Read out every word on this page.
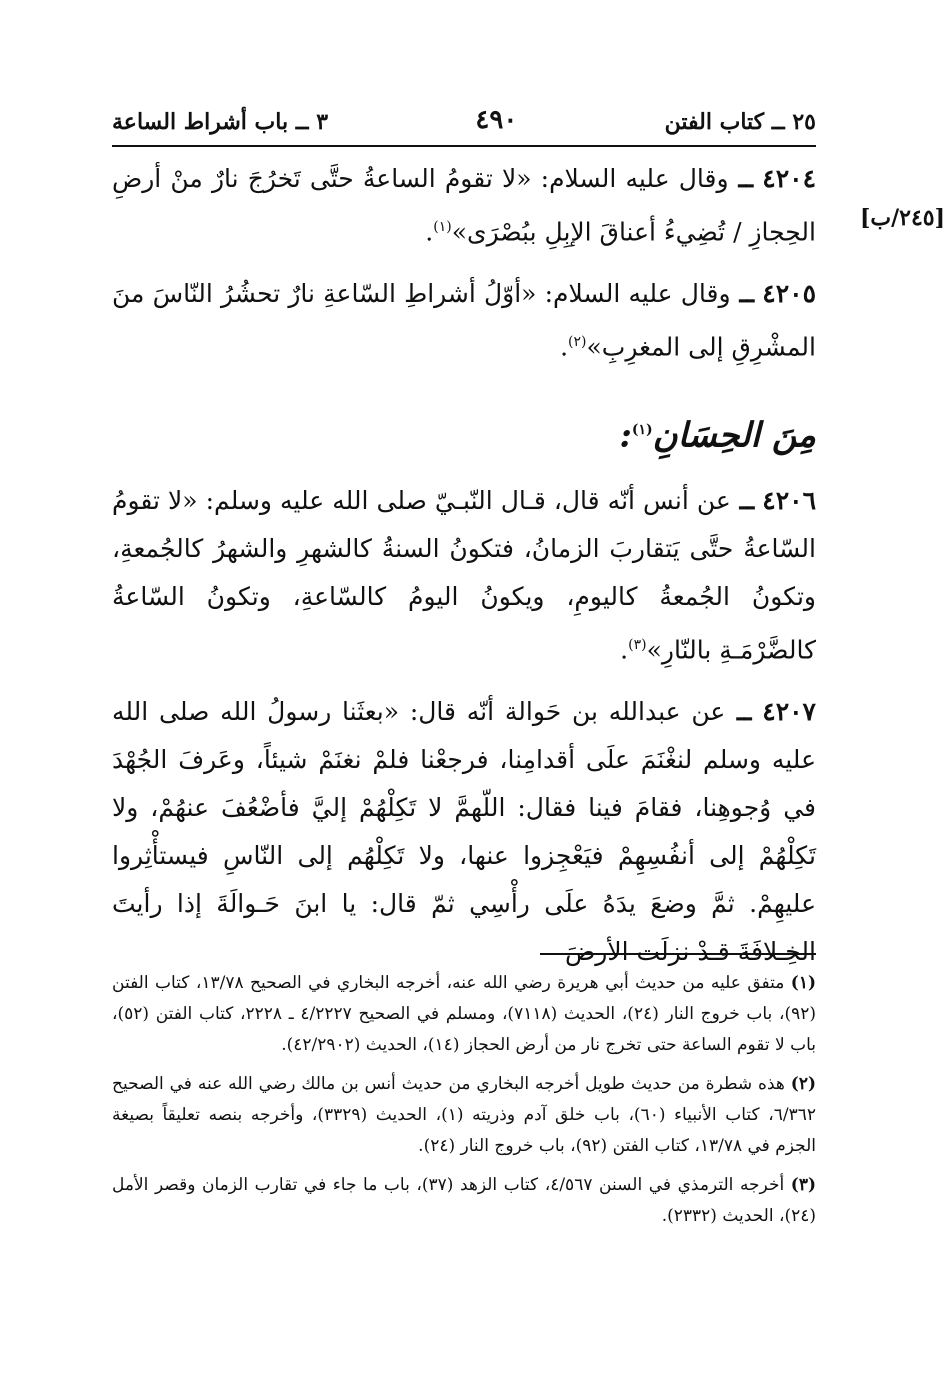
٢٥ ــ كتاب الفتن
٤٩٠
٣ ــ باب أشراط الساعة
[٢٤٥/ب]

٤٢٠٤ ــ وقال عليه السلام: «لا تقومُ الساعةُ حتَّى تَخرُجَ نارٌ منْ أرضِ الحِجازِ / تُضِيءُ أعناقَ الإبِلِ ببُصْرَى»$^{(١)}$.

٤٢٠٥ ــ وقال عليه السلام: «أوّلُ أشراطِ السّاعةِ نارٌ تحشُرُ النّاسَ منَ المشْرِقِ إلى المغرِبِ»$^{(٢)}$.

مِنَ الحِسَانِ$^{(١)}$:

٤٢٠٦ ــ عن أنس أنّه قال، قـال النّبـيّ صلى الله عليه وسلم: «لا تقومُ السّاعةُ حتَّى يَتقاربَ الزمانُ، فتكونُ السنةُ كالشهرِ والشهرُ كالجُمعةِ، وتكونُ الجُمعةُ كاليومِ، ويكونُ اليومُ كالسّاعةِ، وتكونُ السّاعةُ كالضَّرْمَـةِ بالنّارِ»$^{(٣)}$.

٤٢٠٧ ــ عن عبدالله بن حَوالة أنّه قال: «بعثَنا رسولُ الله صلى الله عليه وسلم لنغْنَمَ علَى أقدامِنا، فرجعْنا فلمْ نغنَمْ شيئاً، وعَرفَ الجُهْدَ في وُجوهِنا، فقامَ فينا فقال: اللّهمَّ لا تَكِلْهُمْ إليَّ فأضْعُفَ عنهُمْ، ولا تَكِلْهُمْ إلى أنفُسِهِمْ فيَعْجِزوا عنها، ولا تَكِلْهُم إلى النّاسِ فيستأْثِروا عليهِمْ. ثمَّ وضعَ يدَهُ علَى رأْسِي ثمّ قال: يا ابنَ حَـوالَةَ إذا رأيتَ الخِـلافَةَ قـدْ نزلَت الأرضَ

(١) متفق عليه من حديث أبي هريرة رضي الله عنه، أخرجه البخاري في الصحيح ١٣/٧٨، كتاب الفتن (٩٢)، باب خروج النار (٢٤)، الحديث (٧١١٨)، ومسلم في الصحيح ٤/٢٢٢٧ ـ ٢٢٢٨، كتاب الفتن (٥٢)، باب لا تقوم الساعة حتى تخرج نار من أرض الحجاز (١٤)، الحديث (٤٢/٢٩٠٢).

(٢) هذه شطرة من حديث طويل أخرجه البخاري من حديث أنس بن مالك رضي الله عنه في الصحيح ٦/٣٦٢، كتاب الأنبياء (٦٠)، باب خلق آدم وذريته (١)، الحديث (٣٣٢٩)، وأخرجه بنصه تعليقاً بصيغة الجزم في ١٣/٧٨، كتاب الفتن (٩٢)، باب خروج النار (٢٤).

(٣) أخرجه الترمذي في السنن ٤/٥٦٧، كتاب الزهد (٣٧)، باب ما جاء في تقارب الزمان وقصر الأمل (٢٤)، الحديث (٢٣٣٢).
